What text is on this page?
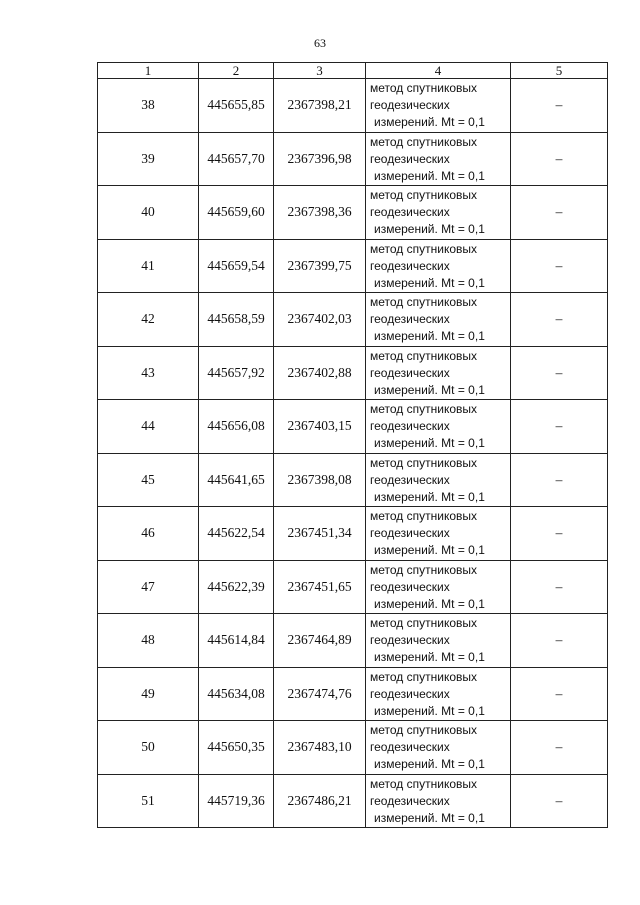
63
1	2	3	4	5
38	445655,85	2367398,21	метод спутниковых
геодезических
измерений. Mt = 0,1	–
39	445657,70	2367396,98	метод спутниковых
геодезических
измерений. Mt = 0,1	–
40	445659,60	2367398,36	метод спутниковых
геодезических
измерений. Mt = 0,1	–
41	445659,54	2367399,75	метод спутниковых
геодезических
измерений. Mt = 0,1	–
42	445658,59	2367402,03	метод спутниковых
геодезических
измерений. Mt = 0,1	–
43	445657,92	2367402,88	метод спутниковых
геодезических
измерений. Mt = 0,1	–
44	445656,08	2367403,15	метод спутниковых
геодезических
измерений. Mt = 0,1	–
45	445641,65	2367398,08	метод спутниковых
геодезических
измерений. Mt = 0,1	–
46	445622,54	2367451,34	метод спутниковых
геодезических
измерений. Mt = 0,1	–
47	445622,39	2367451,65	метод спутниковых
геодезических
измерений. Mt = 0,1	–
48	445614,84	2367464,89	метод спутниковых
геодезических
измерений. Mt = 0,1	–
49	445634,08	2367474,76	метод спутниковых
геодезических
измерений. Mt = 0,1	–
50	445650,35	2367483,10	метод спутниковых
геодезических
измерений. Mt = 0,1	–
51	445719,36	2367486,21	метод спутниковых
геодезических
измерений. Mt = 0,1	–
